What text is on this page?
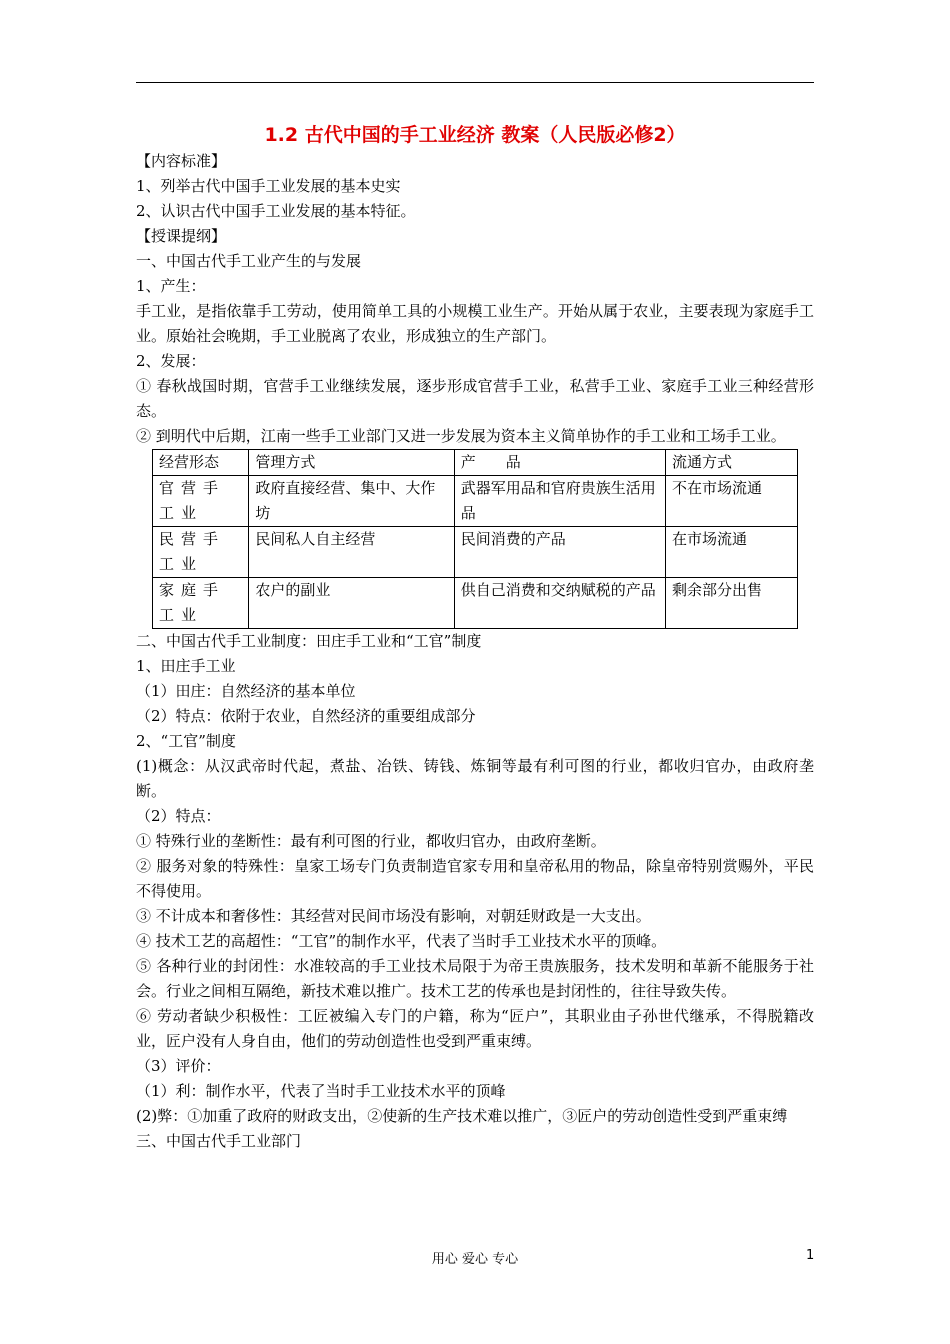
1.2 古代中国的手工业经济 教案（人民版必修2）

【内容标准】

1、列举古代中国手工业发展的基本史实

2、认识古代中国手工业发展的基本特征。

【授课提纲】

一、中国古代手工业产生的与发展

1、产生：

手工业，是指依靠手工劳动，使用简单工具的小规模工业生产。开始从属于农业，主要表现为家庭手工业。原始社会晚期，手工业脱离了农业，形成独立的生产部门。

2、发展：

① 春秋战国时期，官营手工业继续发展，逐步形成官营手工业，私营手工业、家庭手工业三种经营形态。

② 到明代中后期，江南一些手工业部门又进一步发展为资本主义简单协作的手工业和工场手工业。

经营形态	管理方式	产　　品	流通方式
官营手工业	政府直接经营、集中、大作坊	武器军用品和官府贵族生活用品	不在市场流通
民营手工业	民间私人自主经营	民间消费的产品	在市场流通
家庭手工业	农户的副业	供自己消费和交纳赋税的产品	剩余部分出售

二、中国古代手工业制度：田庄手工业和“工官”制度

1、田庄手工业

（1）田庄：自然经济的基本单位

（2）特点：依附于农业，自然经济的重要组成部分

2、“工官”制度

(1)概念：从汉武帝时代起，煮盐、冶铁、铸钱、炼铜等最有利可图的行业，都收归官办，由政府垄断。

（2）特点：

① 特殊行业的垄断性：最有利可图的行业，都收归官办，由政府垄断。

② 服务对象的特殊性：皇家工场专门负责制造官家专用和皇帝私用的物品，除皇帝特别赏赐外，平民不得使用。

③ 不计成本和奢侈性：其经营对民间市场没有影响，对朝廷财政是一大支出。

④ 技术工艺的高超性：“工官”的制作水平，代表了当时手工业技术水平的顶峰。

⑤ 各种行业的封闭性：水准较高的手工业技术局限于为帝王贵族服务，技术发明和革新不能服务于社会。行业之间相互隔绝，新技术难以推广。技术工艺的传承也是封闭性的，往往导致失传。

⑥ 劳动者缺少积极性：工匠被编入专门的户籍，称为“匠户”，其职业由子孙世代继承，不得脱籍改业，匠户没有人身自由，他们的劳动创造性也受到严重束缚。

（3）评价：

（1）利：制作水平，代表了当时手工业技术水平的顶峰

(2)弊：①加重了政府的财政支出，②使新的生产技术难以推广，③匠户的劳动创造性受到严重束缚

三、中国古代手工业部门

用心 爱心 专心	1
